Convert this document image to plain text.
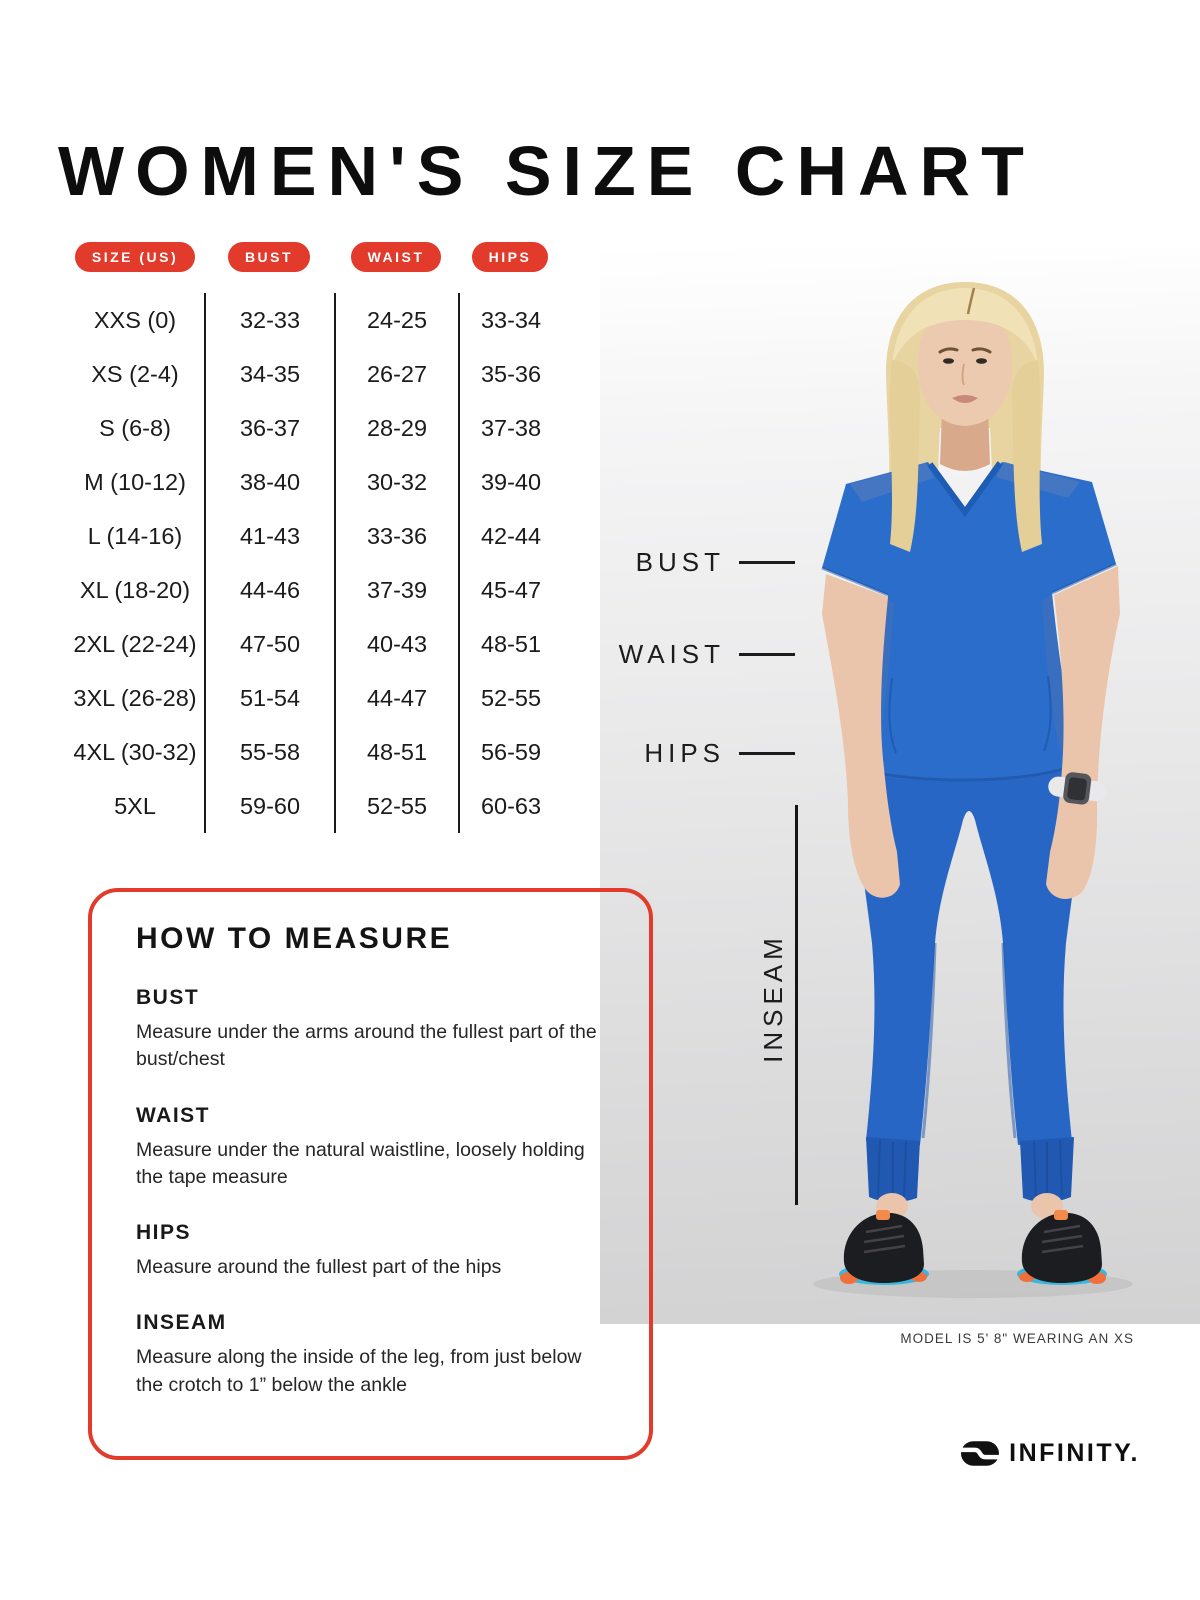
WOMEN'S SIZE CHART
SIZE (US)	BUST	WAIST	HIPS
XXS (0)	32-33	24-25	33-34
XS (2-4)	34-35	26-27	35-36
S (6-8)	36-37	28-29	37-38
M (10-12)	38-40	30-32	39-40
L (14-16)	41-43	33-36	42-44
XL (18-20)	44-46	37-39	45-47
2XL (22-24)	47-50	40-43	48-51
3XL (26-28)	51-54	44-47	52-55
4XL (30-32)	55-58	48-51	56-59
5XL	59-60	52-55	60-63
BUST
WAIST
HIPS
INSEAM
MODEL IS 5' 8" WEARING AN XS
HOW TO MEASURE
BUST

Measure under the arms around the fullest part of the bust/chest

WAIST

Measure under the natural waistline, loosely holding the tape measure

HIPS

Measure around the fullest part of the hips

INSEAM

Measure along the inside of the leg, from just below the crotch to 1” below the ankle

INFINITY.
